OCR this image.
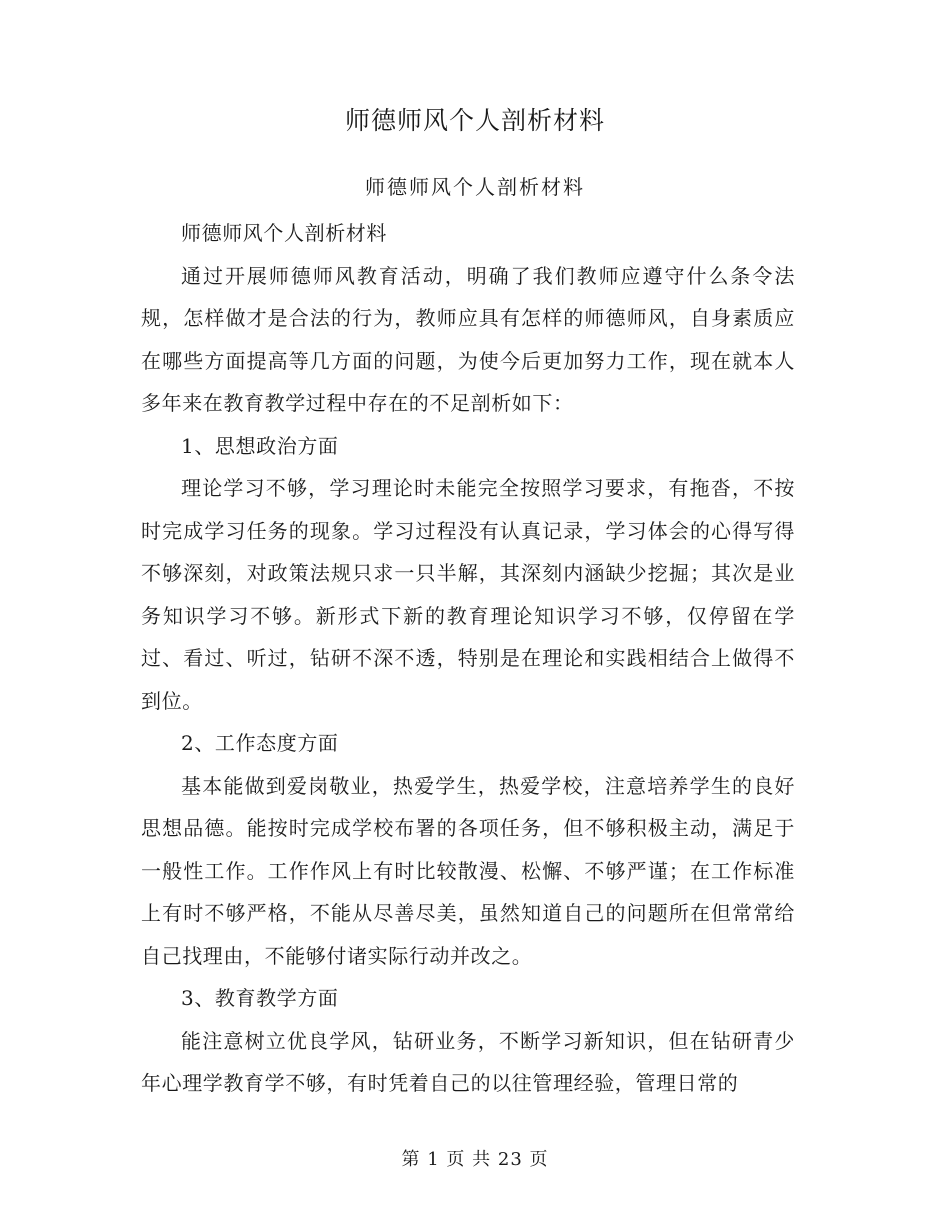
师德师风个人剖析材料
师德师风个人剖析材料

师德师风个人剖析材料

通过开展师德师风教育活动，明确了我们教师应遵守什么条令法规，怎样做才是合法的行为，教师应具有怎样的师德师风，自身素质应在哪些方面提高等几方面的问题，为使今后更加努力工作，现在就本人多年来在教育教学过程中存在的不足剖析如下：

1、思想政治方面

理论学习不够，学习理论时未能完全按照学习要求，有拖沓，不按时完成学习任务的现象。学习过程没有认真记录，学习体会的心得写得不够深刻，对政策法规只求一只半解，其深刻内涵缺少挖掘；其次是业务知识学习不够。新形式下新的教育理论知识学习不够，仅停留在学过、看过、听过，钻研不深不透，特别是在理论和实践相结合上做得不到位。

2、工作态度方面

基本能做到爱岗敬业，热爱学生，热爱学校，注意培养学生的良好思想品德。能按时完成学校布署的各项任务，但不够积极主动，满足于一般性工作。工作作风上有时比较散漫、松懈、不够严谨；在工作标准上有时不够严格，不能从尽善尽美，虽然知道自己的问题所在但常常给自己找理由，不能够付诸实际行动并改之。

3、教育教学方面

能注意树立优良学风，钻研业务，不断学习新知识，但在钻研青少年心理学教育学不够，有时凭着自己的以往管理经验，管理日常的

第 1 页 共 23 页
